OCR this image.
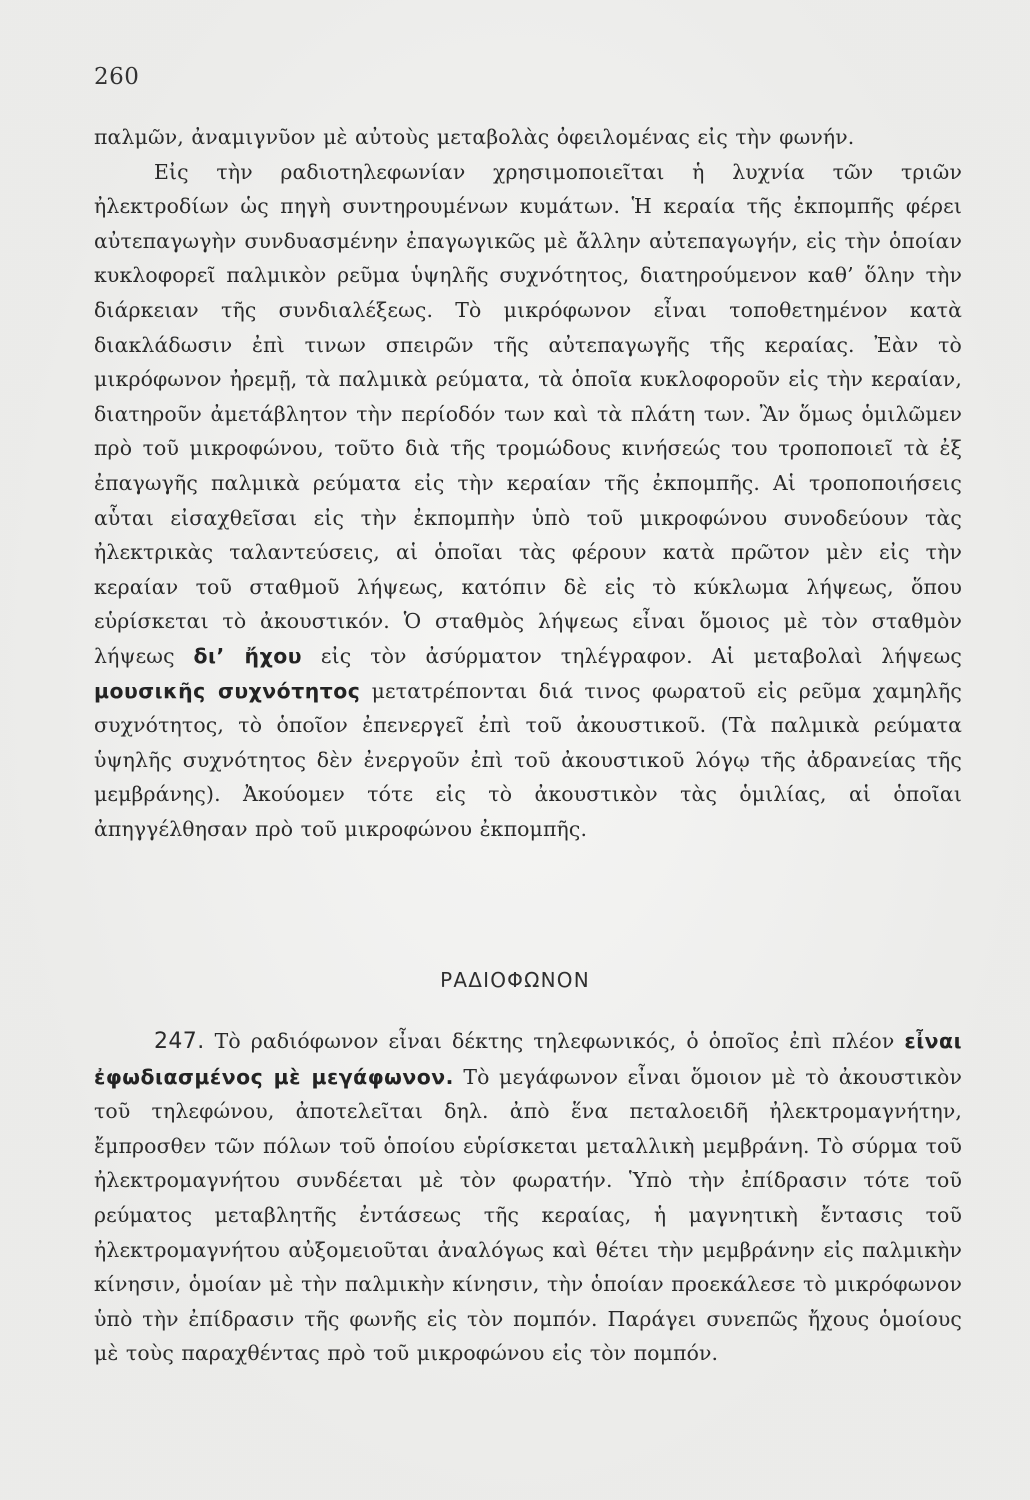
260

παλμῶν, ἀναμιγνῦον μὲ αὐτοὺς μεταβολὰς ὀφειλομένας εἰς τὴν φωνήν.

Εἰς τὴν ραδιοτηλεφωνίαν χρησιμοποιεῖται ἡ λυχνία τῶν τριῶν ἠλεκτροδίων ὡς πηγὴ συντηρουμένων κυμάτων. Ἡ κεραία τῆς ἐκπομπῆς φέρει αὐτεπαγωγὴν συνδυασμένην ἐπαγωγικῶς μὲ ἄλλην αὐτεπαγωγήν, εἰς τὴν ὁποίαν κυκλοφορεῖ παλμικὸν ρεῦμα ὑψηλῆς συχνότητος, διατηρούμενον καθ’ ὅλην τὴν διάρκειαν τῆς συνδιαλέξεως. Τὸ μικρόφωνον εἶναι τοποθετημένον κατὰ διακλάδωσιν ἐπὶ τινων σπειρῶν τῆς αὐτεπαγωγῆς τῆς κεραίας. Ἐὰν τὸ μικρόφωνον ἠρεμῇ, τὰ παλμικὰ ρεύματα, τὰ ὁποῖα κυκλοφοροῦν εἰς τὴν κεραίαν, διατηροῦν ἀμετάβλητον τὴν περίοδόν των καὶ τὰ πλάτη των. Ἂν ὅμως ὁμιλῶμεν πρὸ τοῦ μικροφώνου, τοῦτο διὰ τῆς τρομώδους κινήσεώς του τροποποιεῖ τὰ ἐξ ἐπαγωγῆς παλμικὰ ρεύματα εἰς τὴν κεραίαν τῆς ἐκπομπῆς. Αἱ τροποποιήσεις αὗται εἰσαχθεῖσαι εἰς τὴν ἐκπομπὴν ὑπὸ τοῦ μικροφώνου συνοδεύουν τὰς ἠλεκτρικὰς ταλαντεύσεις, αἱ ὁποῖαι τὰς φέρουν κατὰ πρῶτον μὲν εἰς τὴν κεραίαν τοῦ σταθμοῦ λήψεως, κατόπιν δὲ εἰς τὸ κύκλωμα λήψεως, ὅπου εὑρίσκεται τὸ ἀκουστικόν. Ὁ σταθμὸς λήψεως εἶναι ὅμοιος μὲ τὸν σταθμὸν λήψεως δι’ ἤχου εἰς τὸν ἀσύρματον τηλέγραφον. Αἱ μεταβολαὶ λήψεως μουσικῆς συχνότητος μετατρέπονται διά τινος φωρατοῦ εἰς ρεῦμα χαμηλῆς συχνότητος, τὸ ὁποῖον ἐπενεργεῖ ἐπὶ τοῦ ἀκουστικοῦ. (Τὰ παλμικὰ ρεύματα ὑψηλῆς συχνότητος δὲν ἐνεργοῦν ἐπὶ τοῦ ἀκουστικοῦ λόγῳ τῆς ἀδρανείας τῆς μεμβράνης). Ἀκούομεν τότε εἰς τὸ ἀκουστικὸν τὰς ὁμιλίας, αἱ ὁποῖαι ἀπηγγέλθησαν πρὸ τοῦ μικροφώνου ἐκπομπῆς.

ΡΑΔΙΟΦΩΝΟΝ

247. Τὸ ραδιόφωνον εἶναι δέκτης τηλεφωνικός, ὁ ὁποῖος ἐπὶ πλέον εἶναι ἐφωδιασμένος μὲ μεγάφωνον. Τὸ μεγάφωνον εἶναι ὅμοιον μὲ τὸ ἀκουστικὸν τοῦ τηλεφώνου, ἀποτελεῖται δηλ. ἀπὸ ἕνα πεταλοειδῆ ἠλεκτρομαγνήτην, ἔμπροσθεν τῶν πόλων τοῦ ὁποίου εὑρίσκεται μεταλλικὴ μεμβράνη. Τὸ σύρμα τοῦ ἠλεκτρομαγνήτου συνδέεται μὲ τὸν φωρατήν. Ὑπὸ τὴν ἐπίδρασιν τότε τοῦ ρεύματος μεταβλητῆς ἐντάσεως τῆς κεραίας, ἡ μαγνητικὴ ἔντασις τοῦ ἠλεκτρομαγνήτου αὐξομειοῦται ἀναλόγως καὶ θέτει τὴν μεμβράνην εἰς παλμικὴν κίνησιν, ὁμοίαν μὲ τὴν παλμικὴν κίνησιν, τὴν ὁποίαν προεκάλεσε τὸ μικρόφωνον ὑπὸ τὴν ἐπίδρασιν τῆς φωνῆς εἰς τὸν πομπόν. Παράγει συνεπῶς ἤχους ὁμοίους μὲ τοὺς παραχθέντας πρὸ τοῦ μικροφώνου εἰς τὸν πομπόν.
